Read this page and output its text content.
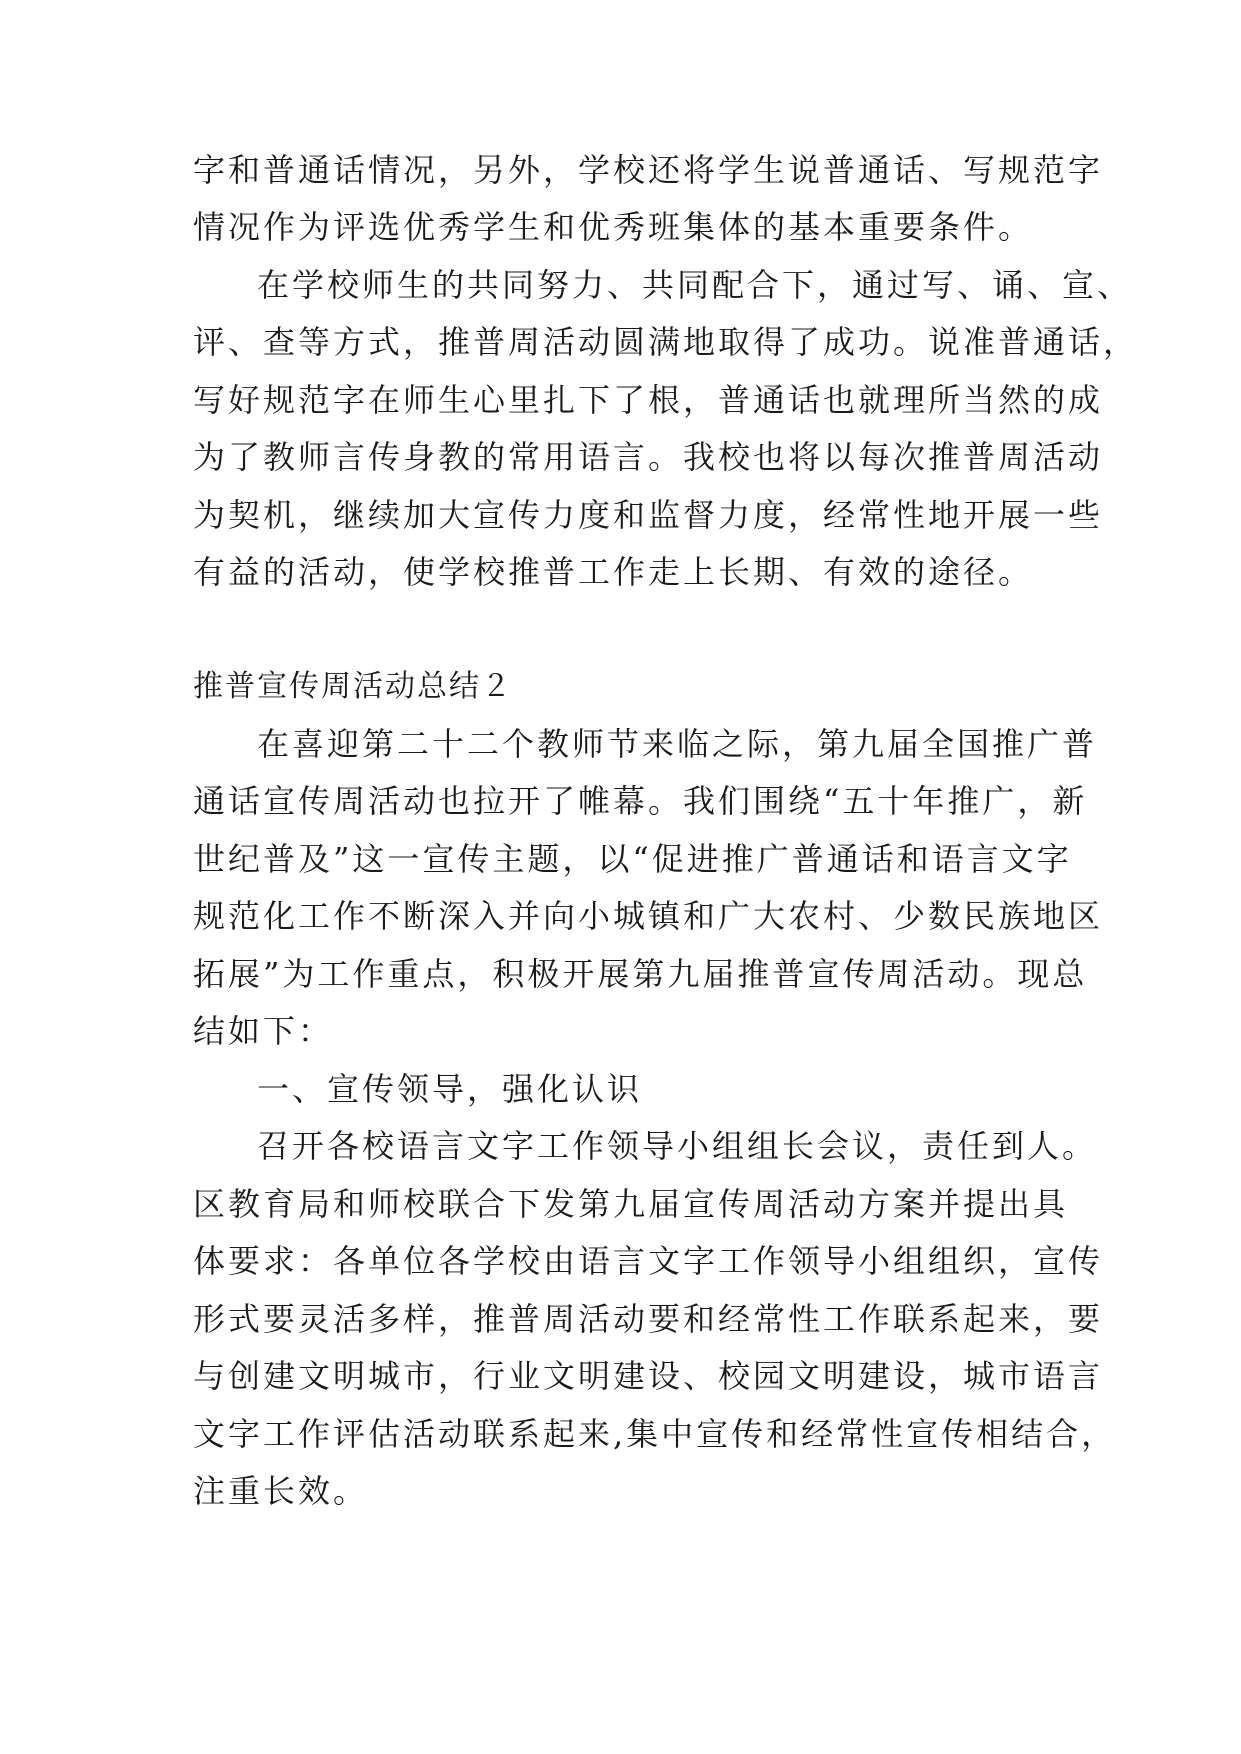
字和普通话情况，另外，学校还将学生说普通话、写规范字
情况作为评选优秀学生和优秀班集体的基本重要条件。
在学校师生的共同努力、共同配合下，通过写、诵、宣、
评、查等方式，推普周活动圆满地取得了成功。说准普通话，
写好规范字在师生心里扎下了根，普通话也就理所当然的成
为了教师言传身教的常用语言。我校也将以每次推普周活动
为契机，继续加大宣传力度和监督力度，经常性地开展一些
有益的活动，使学校推普工作走上长期、有效的途径。
推普宣传周活动总结２
在喜迎第二十二个教师节来临之际，第九届全国推广普
通话宣传周活动也拉开了帷幕。我们围绕“五十年推广，新
世纪普及”这一宣传主题，以“促进推广普通话和语言文字
规范化工作不断深入并向小城镇和广大农村、少数民族地区
拓展”为工作重点，积极开展第九届推普宣传周活动。现总
结如下：
一、宣传领导，强化认识
召开各校语言文字工作领导小组组长会议，责任到人。
区教育局和师校联合下发第九届宣传周活动方案并提出具
体要求：各单位各学校由语言文字工作领导小组组织，宣传
形式要灵活多样，推普周活动要和经常性工作联系起来，要
与创建文明城市，行业文明建设、校园文明建设，城市语言
文字工作评估活动联系起来,集中宣传和经常性宣传相结合，
注重长效。
